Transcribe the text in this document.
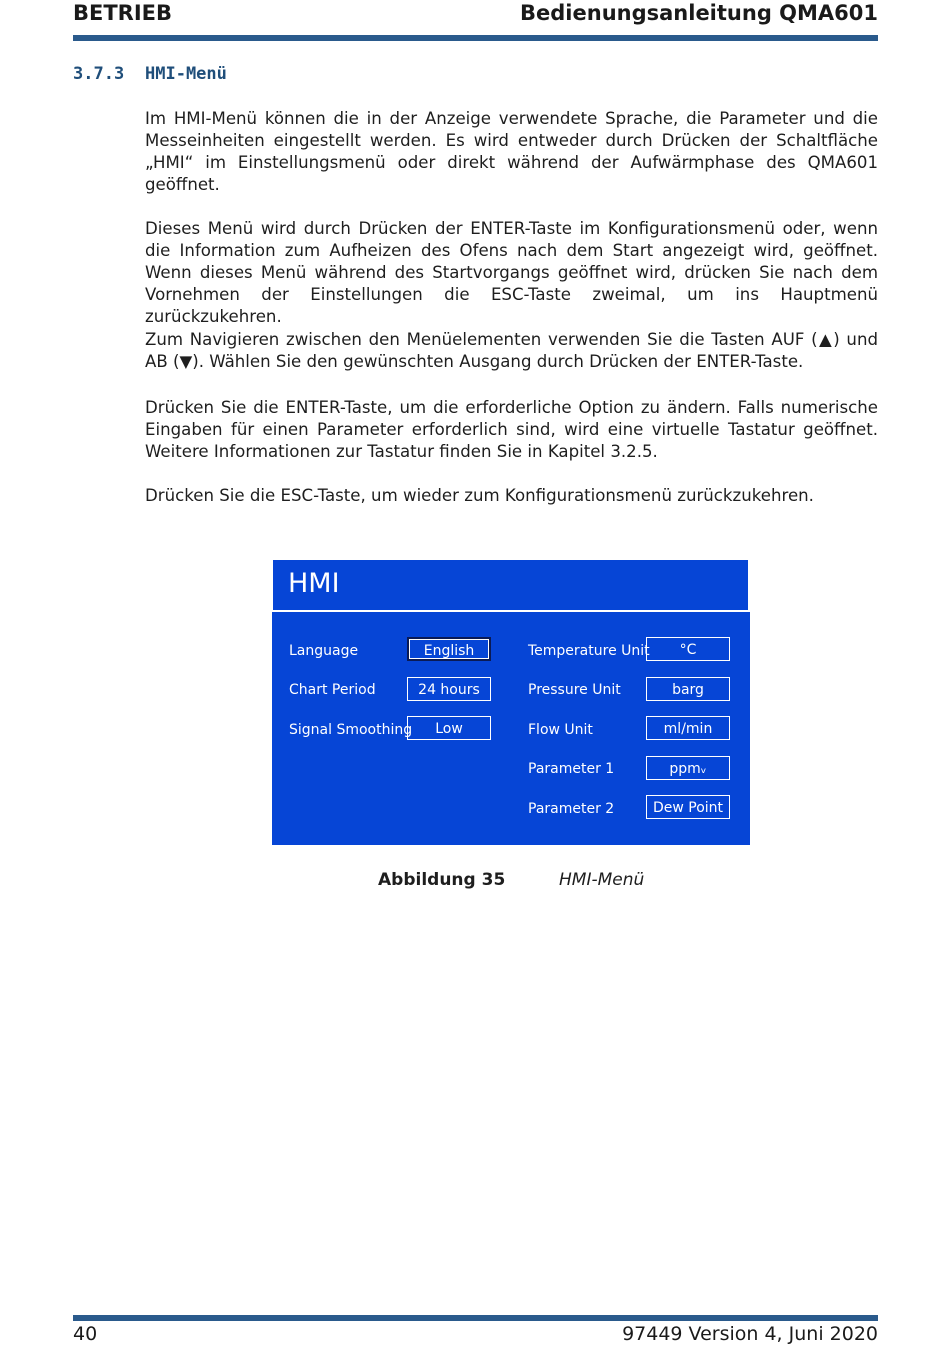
BETRIEB	Bedienungsanleitung QMA601
3.7.3 HMI-Menü
Im HMI-Menü können die in der Anzeige verwendete Sprache, die Parameter und die Messeinheiten eingestellt werden. Es wird entweder durch Drücken der Schaltfläche „HMI“ im Einstellungsmenü oder direkt während der Aufwärmphase des QMA601 geöffnet.
Dieses Menü wird durch Drücken der ENTER-Taste im Konfigurationsmenü oder, wenn die Information zum Aufheizen des Ofens nach dem Start angezeigt wird, geöffnet. Wenn dieses Menü während des Startvorgangs geöffnet wird, drücken Sie nach dem Vornehmen der Einstellungen die ESC-Taste zweimal, um ins Hauptmenü zurückzukehren.
Zum Navigieren zwischen den Menüelementen verwenden Sie die Tasten AUF (▲) und AB (▼). Wählen Sie den gewünschten Ausgang durch Drücken der ENTER-Taste.
Drücken Sie die ENTER-Taste, um die erforderliche Option zu ändern. Falls numerische Eingaben für einen Parameter erforderlich sind, wird eine virtuelle Tastatur geöffnet. Weitere Informationen zur Tastatur finden Sie in Kapitel 3.2.5.
Drücken Sie die ESC-Taste, um wieder zum Konfigurationsmenü zurückzukehren.
HMI
Language	English
Chart Period	24 hours
Signal Smoothing	Low
Temperature Unit	°C
Pressure Unit	barg
Flow Unit	ml/min
Parameter 1	ppmᵥ
Parameter 2	Dew Point
Abbildung 35	HMI-Menü
40	97449 Version 4, Juni 2020
